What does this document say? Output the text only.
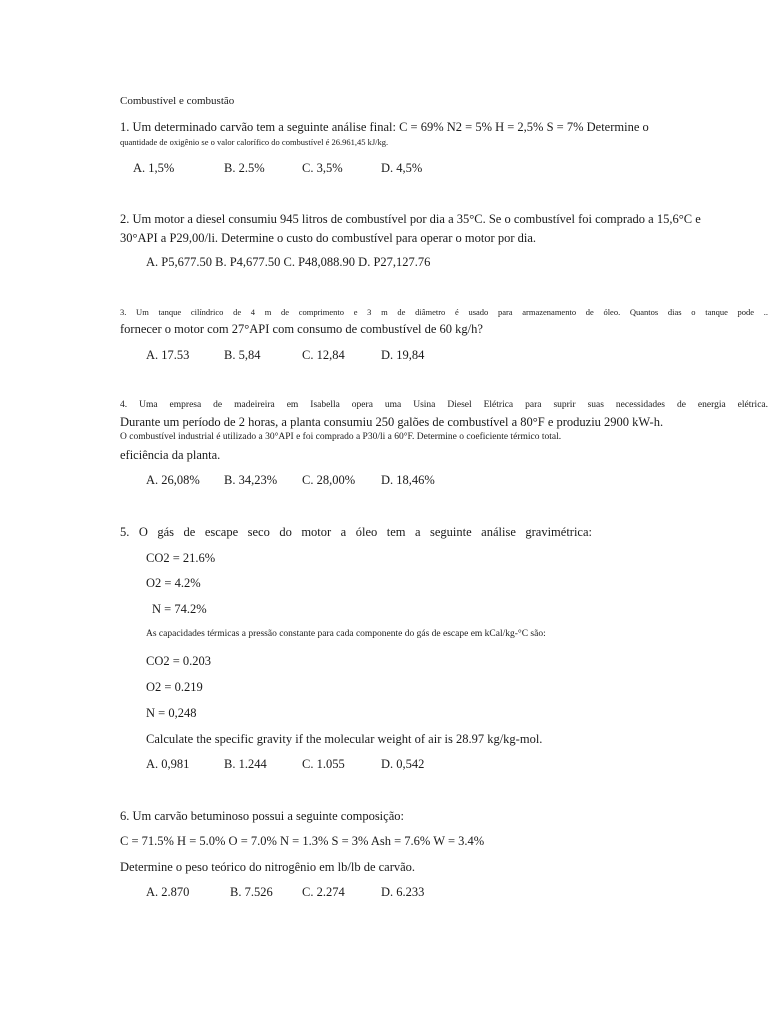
Combustível e combustão
1. Um determinado carvão tem a seguinte análise final: C = 69% N2 = 5% H = 2,5% S = 7% Determine o
quantidade de oxigênio se o valor calorífico do combustível é 26.961,45 kJ/kg.
A. 1,5%	B. 2.5%	C. 3,5%	D. 4,5%
2. Um motor a diesel consumiu 945 litros de combustível por dia a 35°C. Se o combustível foi comprado a 15,6°C e
30°API a P29,00/li. Determine o custo do combustível para operar o motor por dia.
A. P5,677.50 B. P4,677.50 C. P48,088.90 D. P27,127.76
3. Um tanque cilíndrico de 4 m de comprimento e 3 m de diâmetro é usado para armazenamento de óleo. Quantos dias o tanque pode ..
fornecer o motor com 27°API com consumo de combustível de 60 kg/h?
A. 17.53	B. 5,84	C. 12,84	D. 19,84
4. Uma empresa de madeireira em Isabella opera uma Usina Diesel Elétrica para suprir suas necessidades de energia elétrica.
Durante um período de 2 horas, a planta consumiu 250 galões de combustível a 80°F e produziu 2900 kW-h.
O combustível industrial é utilizado a 30°API e foi comprado a P30/li a 60°F. Determine o coeficiente térmico total.
eficiência da planta.
A. 26,08% B. 34,23% C. 28,00% D. 18,46%
5. O gás de escape seco do motor a óleo tem a seguinte análise gravimétrica:
CO2 = 21.6%
O2 = 4.2%
N = 74.2%
As capacidades térmicas a pressão constante para cada componente do gás de escape em kCal/kg-°C são:
CO2 = 0.203
O2 = 0.219
N = 0,248
Calculate the specific gravity if the molecular weight of air is 28.97 kg/kg-mol.
A. 0,981	B. 1.244	C. 1.055	D. 0,542
6. Um carvão betuminoso possui a seguinte composição:
C = 71.5% H = 5.0% O = 7.0% N = 1.3% S = 3% Ash = 7.6% W = 3.4%
Determine o peso teórico do nitrogênio em lb/lb de carvão.
A. 2.870	B. 7.526 C. 2.274	D. 6.233
